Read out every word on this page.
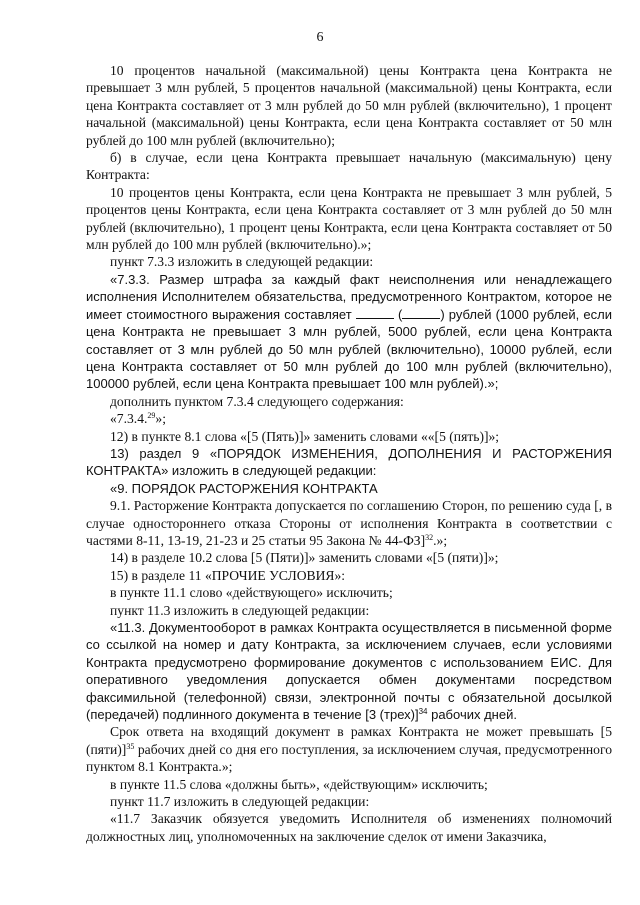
6

10 процентов начальной (максимальной) цены Контракта цена Контракта не превышает 3 млн рублей, 5 процентов начальной (максимальной) цены Контракта, если цена Контракта составляет от 3 млн рублей до 50 млн рублей (включительно), 1 процент начальной (максимальной) цены Контракта, если цена Контракта составляет от 50 млн рублей до 100 млн рублей (включительно);

б) в случае, если цена Контракта превышает начальную (максимальную) цену Контракта:

10 процентов цены Контракта, если цена Контракта не превышает 3 млн рублей, 5 процентов цены Контракта, если цена Контракта составляет от 3 млн рублей до 50 млн рублей (включительно), 1 процент цены Контракта, если цена Контракта составляет от 50 млн рублей до 100 млн рублей (включительно).»;

пункт 7.3.3 изложить в следующей редакции:

«7.3.3. Размер штрафа за каждый факт неисполнения или ненадлежащего исполнения Исполнителем обязательства, предусмотренного Контрактом, которое не имеет стоимостного выражения составляет	(	) рублей (1000 рублей, если цена Контракта не превышает 3 млн рублей, 5000 рублей, если цена Контракта составляет от 3 млн рублей до 50 млн рублей (включительно), 10000 рублей, если цена Контракта составляет от 50 млн рублей до 100 млн рублей (включительно), 100000 рублей, если цена Контракта превышает 100 млн рублей).»;

дополнить пунктом 7.3.4 следующего содержания:

«7.3.4.29»;

12) в пункте 8.1 слова «[5 (Пять)]» заменить словами ««[5 (пять)]»;

13) раздел 9 «ПОРЯДОК ИЗМЕНЕНИЯ, ДОПОЛНЕНИЯ И РАСТОРЖЕНИЯ КОНТРАКТА» изложить в следующей редакции:

«9. ПОРЯДОК РАСТОРЖЕНИЯ КОНТРАКТА

9.1. Расторжение Контракта допускается по соглашению Сторон, по решению суда [, в случае одностороннего отказа Стороны от исполнения Контракта в соответствии с частями 8-11, 13-19, 21-23 и 25 статьи 95 Закона № 44-ФЗ]$^{32}$.»;

14) в разделе 10.2 слова [5 (Пяти)]» заменить словами «[5 (пяти)]»;

15) в разделе 11 «ПРОЧИЕ УСЛОВИЯ»:

в пункте 11.1 слово «действующего» исключить;

пункт 11.3 изложить в следующей редакции:

«11.3. Документооборот в рамках Контракта осуществляется в письменной форме со ссылкой на номер и дату Контракта, за исключением случаев, если условиями Контракта предусмотрено формирование документов с использованием ЕИС. Для оперативного уведомления допускается обмен документами посредством факсимильной (телефонной) связи, электронной почты с обязательной досылкой (передачей) подлинного документа в течение [3 (трех)]$^{34}$ рабочих дней.

Срок ответа на входящий документ в рамках Контракта не может превышать [5 (пяти)]$^{35}$ рабочих дней со дня его поступления, за исключением случая, предусмотренного пунктом 8.1 Контракта.»;

в пункте 11.5 слова «должны быть», «действующим» исключить;

пункт 11.7 изложить в следующей редакции:

«11.7 Заказчик обязуется уведомить Исполнителя об изменениях полномочий должностных лиц, уполномоченных на заключение сделок от имени Заказчика,
